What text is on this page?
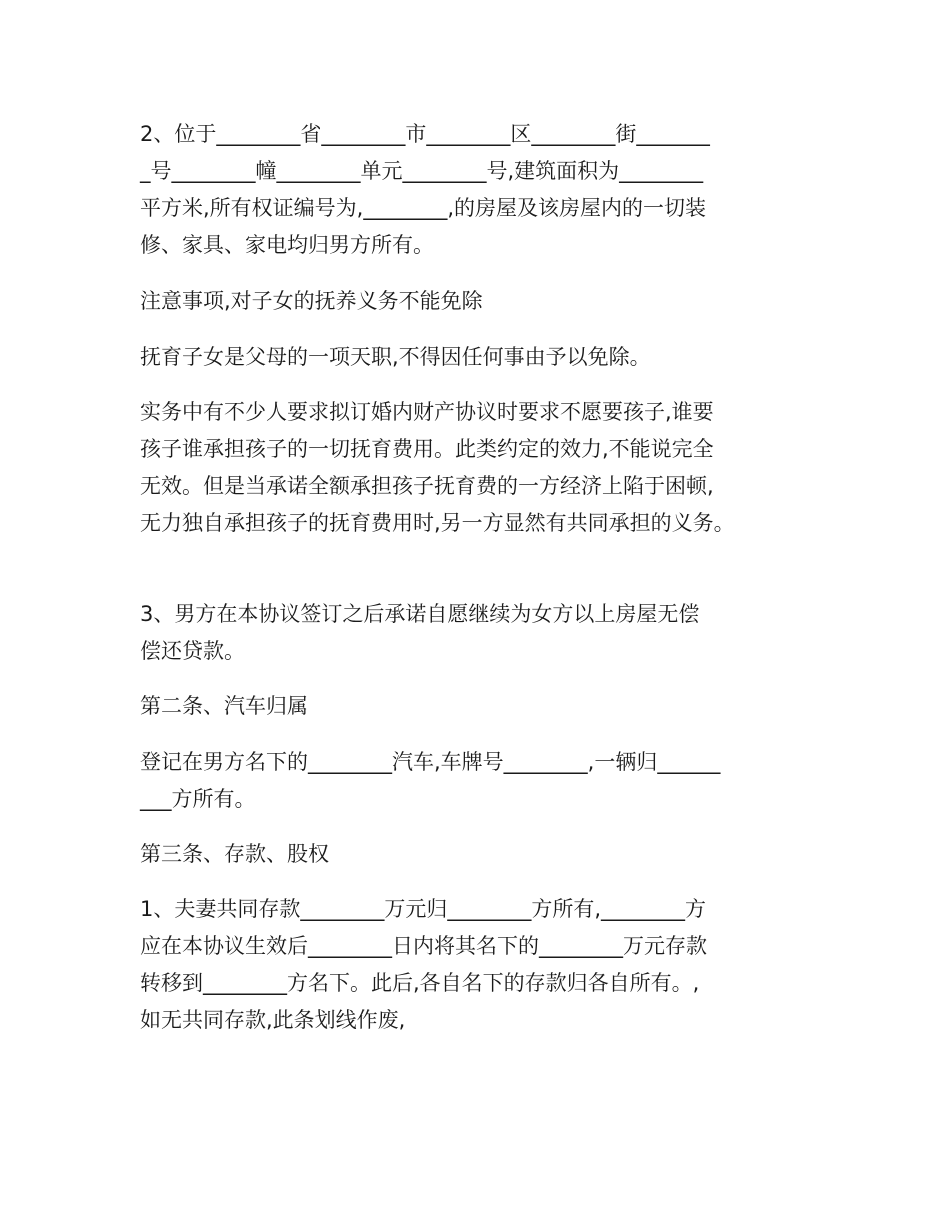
2、位于________省________市________区________街_______
_号________幢________单元________号,建筑面积为________
平方米,所有权证编号为,________,的房屋及该房屋内的一切装
修、家具、家电均归男方所有。

注意事项,对子女的抚养义务不能免除

抚育子女是父母的一项天职,不得因任何事由予以免除。

实务中有不少人要求拟订婚内财产协议时要求不愿要孩子,谁要
孩子谁承担孩子的一切抚育费用。此类约定的效力,不能说完全
无效。但是当承诺全额承担孩子抚育费的一方经济上陷于困顿,
无力独自承担孩子的抚育费用时,另一方显然有共同承担的义务。

3、男方在本协议签订之后承诺自愿继续为女方以上房屋无偿
偿还贷款。

第二条、汽车归属

登记在男方名下的________汽车,车牌号________,一辆归______
___方所有。

第三条、存款、股权

1、夫妻共同存款________万元归________方所有,________方
应在本协议生效后________日内将其名下的________万元存款
转移到________方名下。此后,各自名下的存款归各自所有。,
如无共同存款,此条划线作废,
